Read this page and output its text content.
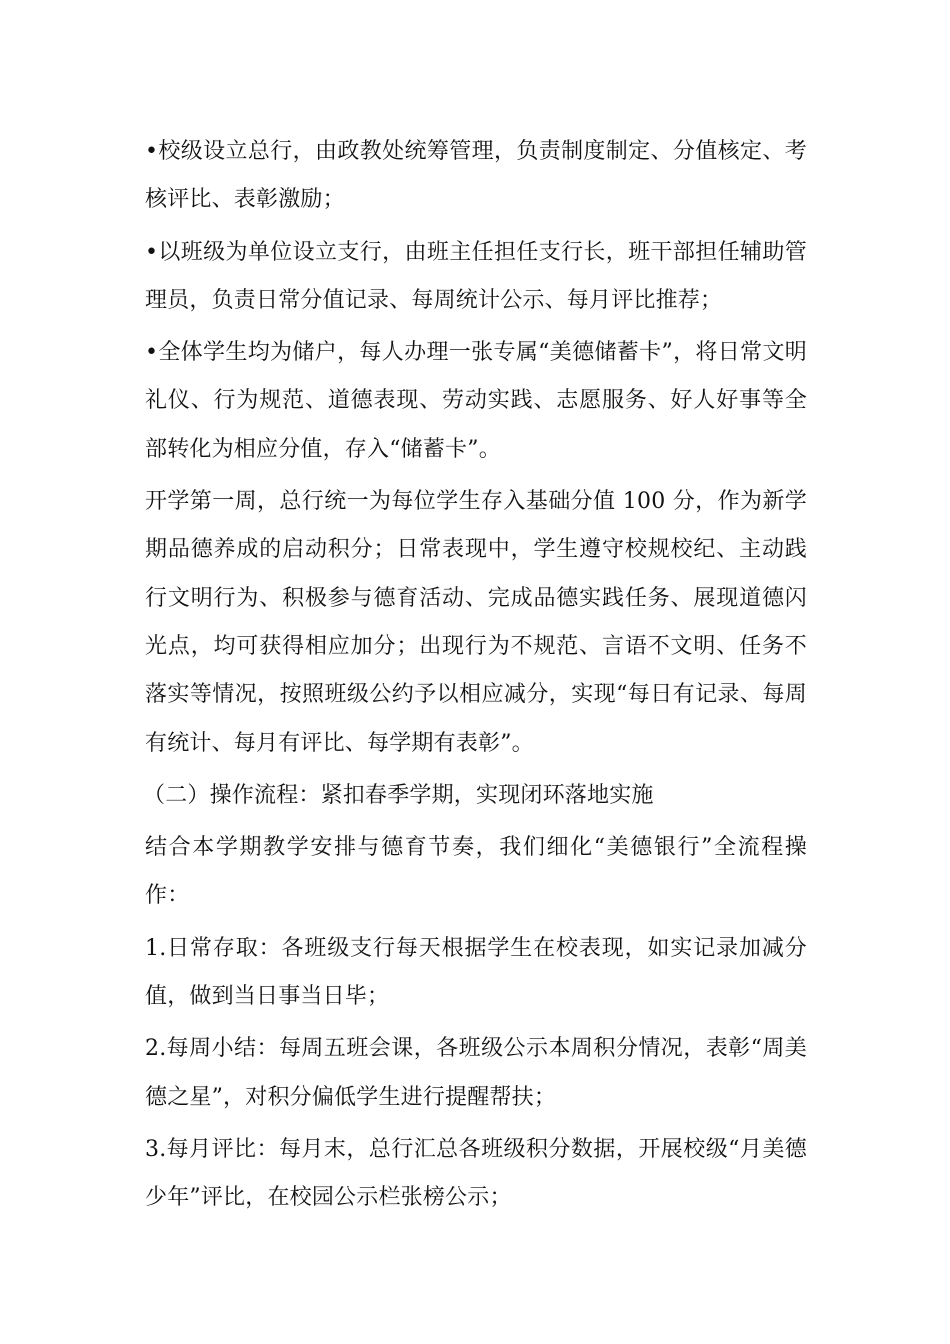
•校级设立总行，由政教处统筹管理，负责制度制定、分值核定、考核评比、表彰激励；

•以班级为单位设立支行，由班主任担任支行长，班干部担任辅助管理员，负责日常分值记录、每周统计公示、每月评比推荐；

•全体学生均为储户，每人办理一张专属“美德储蓄卡”，将日常文明礼仪、行为规范、道德表现、劳动实践、志愿服务、好人好事等全部转化为相应分值，存入“储蓄卡”。

开学第一周，总行统一为每位学生存入基础分值 100 分，作为新学期品德养成的启动积分；日常表现中，学生遵守校规校纪、主动践行文明行为、积极参与德育活动、完成品德实践任务、展现道德闪光点，均可获得相应加分；出现行为不规范、言语不文明、任务不落实等情况，按照班级公约予以相应减分，实现“每日有记录、每周有统计、每月有评比、每学期有表彰”。

（二）操作流程：紧扣春季学期，实现闭环落地实施

结合本学期教学安排与德育节奏，我们细化“美德银行”全流程操作：

1.日常存取：各班级支行每天根据学生在校表现，如实记录加减分值，做到当日事当日毕；

2.每周小结：每周五班会课，各班级公示本周积分情况，表彰“周美德之星”，对积分偏低学生进行提醒帮扶；

3.每月评比：每月末，总行汇总各班级积分数据，开展校级“月美德少年”评比，在校园公示栏张榜公示；
